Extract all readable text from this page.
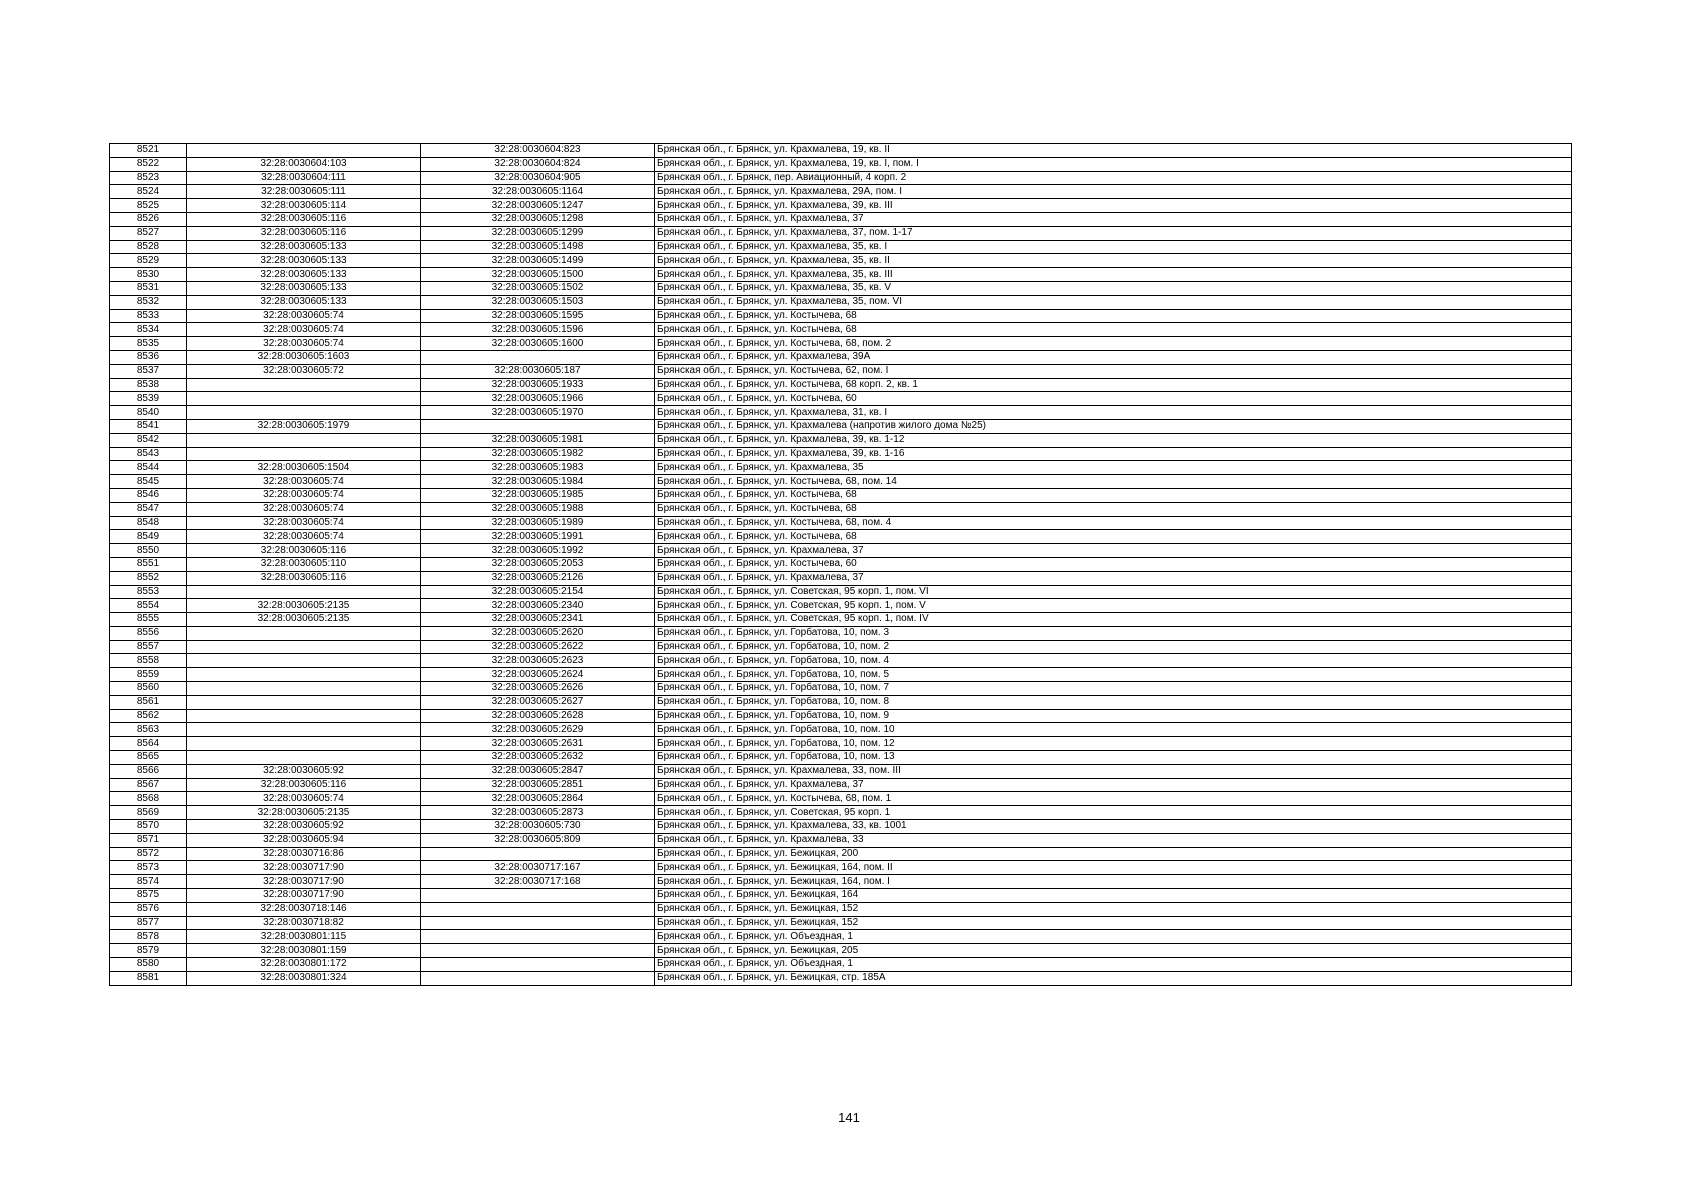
8521		32:28:0030604:823	Брянская обл., г. Брянск, ул. Крахмалева, 19, кв. II
8522	32:28:0030604:103	32:28:0030604:824	Брянская обл., г. Брянск, ул. Крахмалева, 19, кв. I, пом. I
8523	32:28:0030604:111	32:28:0030604:905	Брянская обл., г. Брянск, пер. Авиационный, 4 корп. 2
8524	32:28:0030605:111	32:28:0030605:1164	Брянская обл., г. Брянск, ул. Крахмалева, 29А, пом. I
8525	32:28:0030605:114	32:28:0030605:1247	Брянская обл., г. Брянск, ул. Крахмалева, 39, кв. III
8526	32:28:0030605:116	32:28:0030605:1298	Брянская обл., г. Брянск, ул. Крахмалева, 37
8527	32:28:0030605:116	32:28:0030605:1299	Брянская обл., г. Брянск, ул. Крахмалева, 37, пом. 1-17
8528	32:28:0030605:133	32:28:0030605:1498	Брянская обл., г. Брянск, ул. Крахмалева, 35, кв. I
8529	32:28:0030605:133	32:28:0030605:1499	Брянская обл., г. Брянск, ул. Крахмалева, 35, кв. II
8530	32:28:0030605:133	32:28:0030605:1500	Брянская обл., г. Брянск, ул. Крахмалева, 35, кв. III
8531	32:28:0030605:133	32:28:0030605:1502	Брянская обл., г. Брянск, ул. Крахмалева, 35, кв. V
8532	32:28:0030605:133	32:28:0030605:1503	Брянская обл., г. Брянск, ул. Крахмалева, 35, пом. VI
8533	32:28:0030605:74	32:28:0030605:1595	Брянская обл., г. Брянск, ул. Костычева, 68
8534	32:28:0030605:74	32:28:0030605:1596	Брянская обл., г. Брянск, ул. Костычева, 68
8535	32:28:0030605:74	32:28:0030605:1600	Брянская обл., г. Брянск, ул. Костычева, 68, пом. 2
8536	32:28:0030605:1603		Брянская обл., г. Брянск, ул. Крахмалева, 39А
8537	32:28:0030605:72	32:28:0030605:187	Брянская обл., г. Брянск, ул. Костычева, 62, пом. I
8538		32:28:0030605:1933	Брянская обл., г. Брянск, ул. Костычева, 68 корп. 2, кв. 1
8539		32:28:0030605:1966	Брянская обл., г. Брянск, ул. Костычева, 60
8540		32:28:0030605:1970	Брянская обл., г. Брянск, ул. Крахмалева, 31, кв. I
8541	32:28:0030605:1979		Брянская обл., г. Брянск, ул. Крахмалева (напротив жилого дома №25)
8542		32:28:0030605:1981	Брянская обл., г. Брянск, ул. Крахмалева, 39, кв. 1-12
8543		32:28:0030605:1982	Брянская обл., г. Брянск, ул. Крахмалева, 39, кв. 1-16
8544	32:28:0030605:1504	32:28:0030605:1983	Брянская обл., г. Брянск, ул. Крахмалева, 35
8545	32:28:0030605:74	32:28:0030605:1984	Брянская обл., г. Брянск, ул. Костычева, 68, пом. 14
8546	32:28:0030605:74	32:28:0030605:1985	Брянская обл., г. Брянск, ул. Костычева, 68
8547	32:28:0030605:74	32:28:0030605:1988	Брянская обл., г. Брянск, ул. Костычева, 68
8548	32:28:0030605:74	32:28:0030605:1989	Брянская обл., г. Брянск, ул. Костычева, 68, пом. 4
8549	32:28:0030605:74	32:28:0030605:1991	Брянская обл., г. Брянск, ул. Костычева, 68
8550	32:28:0030605:116	32:28:0030605:1992	Брянская обл., г. Брянск, ул. Крахмалева, 37
8551	32:28:0030605:110	32:28:0030605:2053	Брянская обл., г. Брянск, ул. Костычева, 60
8552	32:28:0030605:116	32:28:0030605:2126	Брянская обл., г. Брянск, ул. Крахмалева, 37
8553		32:28:0030605:2154	Брянская обл., г. Брянск, ул. Советская, 95 корп. 1, пом. VI
8554	32:28:0030605:2135	32:28:0030605:2340	Брянская обл., г. Брянск, ул. Советская, 95 корп. 1, пом. V
8555	32:28:0030605:2135	32:28:0030605:2341	Брянская обл., г. Брянск, ул. Советская, 95 корп. 1, пом. IV
8556		32:28:0030605:2620	Брянская обл., г. Брянск, ул. Горбатова, 10, пом. 3
8557		32:28:0030605:2622	Брянская обл., г. Брянск, ул. Горбатова, 10, пом. 2
8558		32:28:0030605:2623	Брянская обл., г. Брянск, ул. Горбатова, 10, пом. 4
8559		32:28:0030605:2624	Брянская обл., г. Брянск, ул. Горбатова, 10, пом. 5
8560		32:28:0030605:2626	Брянская обл., г. Брянск, ул. Горбатова, 10, пом. 7
8561		32:28:0030605:2627	Брянская обл., г. Брянск, ул. Горбатова, 10, пом. 8
8562		32:28:0030605:2628	Брянская обл., г. Брянск, ул. Горбатова, 10, пом. 9
8563		32:28:0030605:2629	Брянская обл., г. Брянск, ул. Горбатова, 10, пом. 10
8564		32:28:0030605:2631	Брянская обл., г. Брянск, ул. Горбатова, 10, пом. 12
8565		32:28:0030605:2632	Брянская обл., г. Брянск, ул. Горбатова, 10, пом. 13
8566	32:28:0030605:92	32:28:0030605:2847	Брянская обл., г. Брянск, ул. Крахмалева, 33, пом. III
8567	32:28:0030605:116	32:28:0030605:2851	Брянская обл., г. Брянск, ул. Крахмалева, 37
8568	32:28:0030605:74	32:28:0030605:2864	Брянская обл., г. Брянск, ул. Костычева, 68, пом. 1
8569	32:28:0030605:2135	32:28:0030605:2873	Брянская обл., г. Брянск, ул. Советская, 95 корп. 1
8570	32:28:0030605:92	32:28:0030605:730	Брянская обл., г. Брянск, ул. Крахмалева, 33, кв. 1001
8571	32:28:0030605:94	32:28:0030605:809	Брянская обл., г. Брянск, ул. Крахмалева, 33
8572	32:28:0030716:86		Брянская обл., г. Брянск, ул. Бежицкая, 200
8573	32:28:0030717:90	32:28:0030717:167	Брянская обл., г. Брянск, ул. Бежицкая, 164, пом. II
8574	32:28:0030717:90	32:28:0030717:168	Брянская обл., г. Брянск, ул. Бежицкая, 164, пом. I
8575	32:28:0030717:90		Брянская обл., г. Брянск, ул. Бежицкая, 164
8576	32:28:0030718:146		Брянская обл., г. Брянск, ул. Бежицкая, 152
8577	32:28:0030718:82		Брянская обл., г. Брянск, ул. Бежицкая, 152
8578	32:28:0030801:115		Брянская обл., г. Брянск, ул. Объездная, 1
8579	32:28:0030801:159		Брянская обл., г. Брянск, ул. Бежицкая, 205
8580	32:28:0030801:172		Брянская обл., г. Брянск, ул. Объездная, 1
8581	32:28:0030801:324		Брянская обл., г. Брянск, ул. Бежицкая, стр. 185А
141
